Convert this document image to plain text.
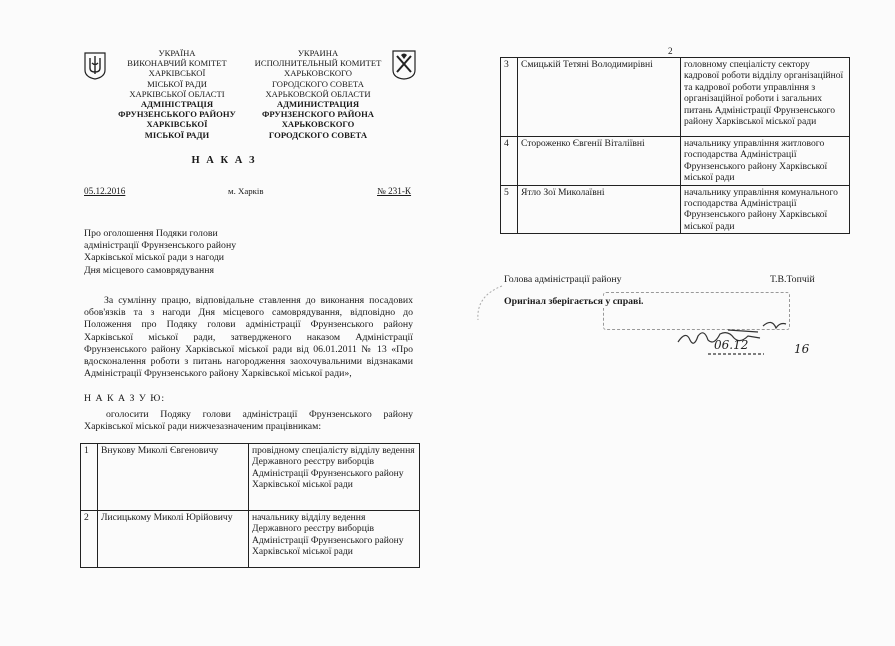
УКРАЇНА
ВИКОНАВЧИЙ КОМІТЕТ
ХАРКІВСЬКОЇ
МІСЬКОЇ РАДИ
ХАРКІВСЬКОЇ ОБЛАСТІ
АДМІНІСТРАЦІЯ
ФРУНЗЕНСЬКОГО РАЙОНУ
ХАРКІВСЬКОЇ
МІСЬКОЇ РАДИ
УКРАИНА
ИСПОЛНИТЕЛЬНЫЙ КОМИТЕТ
ХАРЬКОВСКОГО
ГОРОДСКОГО СОВЕТА
ХАРЬКОВСКОЙ ОБЛАСТИ
АДМИНИСТРАЦИЯ
ФРУНЗЕНСКОГО РАЙОНА
ХАРЬКОВСКОГО
ГОРОДСКОГО СОВЕТА
Н А К А З
05.12.2016	м. Харків	№ 231-К
Про оголошення Подяки голови
адміністрації Фрунзенського району
Харківської міської ради з нагоди
Дня місцевого самоврядування
За сумлінну працю, відповідальне ставлення до виконання посадових обов'язків та з нагоди Дня місцевого самоврядування, відповідно до Положення про Подяку голови адміністрації Фрунзенського району Харківської міської ради, затвердженого наказом Адміністрації Фрунзенського району Харківської міської ради від 06.01.2011 № 13 «Про вдосконалення роботи з питань нагородження заохочувальними відзнаками Адміністрації Фрунзенського району Харківської міської ради»,
Н А К А З У Ю:
оголосити Подяку голови адміністрації Фрунзенського району Харківської міської ради нижчезазначеним працівникам:
1	Внукову Миколі Євгеновичу	провідному спеціалісту відділу ведення Державного реєстру виборців Адміністрації Фрунзенського району Харківської міської ради
2	Лисицькому Миколі Юрійовичу	начальнику відділу ведення Державного реєстру виборців Адміністрації Фрунзенського району Харківської міської ради
2
3	Смицькій Тетяні Володимирівні	головному спеціалісту сектору кадрової роботи відділу організаційної та кадрової роботи управління з організаційної роботи і загальних питань Адміністрації Фрунзенського району Харківської міської ради
4	Стороженко Євгенії Віталіївні	начальнику управління житлового господарства Адміністрації Фрунзенського району Харківської міської ради
5	Ятло Зої Миколаївні	начальнику управління комунального господарства Адміністрації Фрунзенського району Харківської міської ради
Голова адміністрації району	Т.В.Топчій
Оригінал зберігається у справі.
06.12	16
